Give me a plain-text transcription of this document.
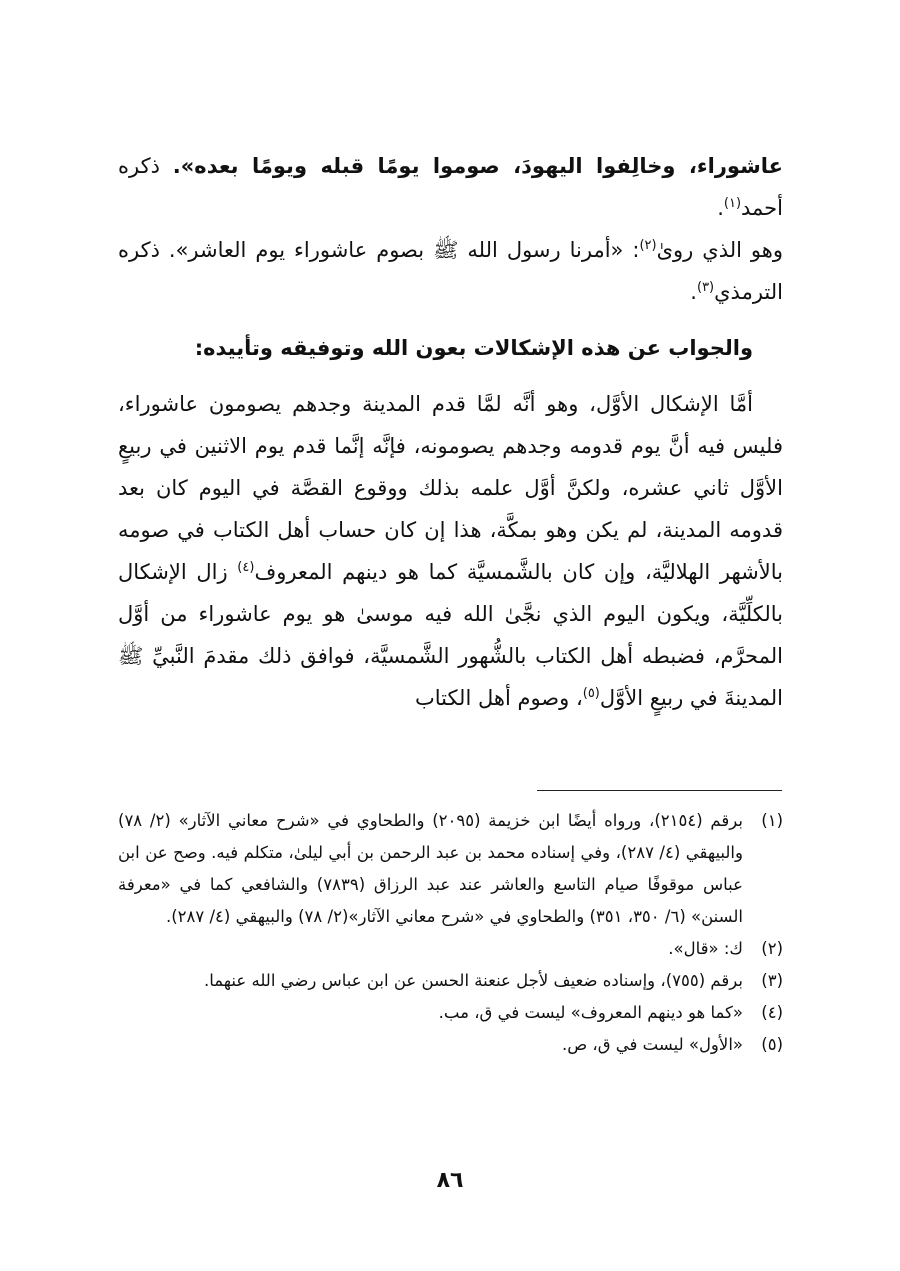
عاشوراء، وخالِفوا اليهودَ، صوموا يومًا قبله ويومًا بعده». ذكره أحمد$^{(١)}$.
وهو الذي روىٰ$^{(٢)}$: «أمرنا رسول الله ﷺ بصوم عاشوراء يوم العاشر». ذكره الترمذي$^{(٣)}$.

والجواب عن هذه الإشكالات بعون الله وتوفيقه وتأييده:

أمَّا الإشكال الأوَّل، وهو أنَّه لمَّا قدم المدينة وجدهم يصومون عاشوراء، فليس فيه أنَّ يوم قدومه وجدهم يصومونه، فإنَّه إنَّما قدم يوم الاثنين في ربيعٍ الأوَّل ثاني عشره، ولكنَّ أوَّل علمه بذلك ووقوع القصَّة في اليوم كان بعد قدومه المدينة، لم يكن وهو بمكَّة، هذا إن كان حساب أهل الكتاب في صومه بالأشهر الهلاليَّة، وإن كان بالشَّمسيَّة كما هو دينهم المعروف$^{(٤)}$ زال الإشكال بالكلِّيَّة، ويكون اليوم الذي نجَّىٰ الله فيه موسىٰ هو يوم عاشوراء من أوَّل المحرَّم، فضبطه أهل الكتاب بالشُّهور الشَّمسيَّة، فوافق ذلك مقدمَ النَّبيِّ ﷺ المدينةَ في ربيعٍ الأوَّل$^{(٥)}$، وصوم أهل الكتاب

(١)
برقم (٢١٥٤)، ورواه أيضًا ابن خزيمة (٢٠٩٥) والطحاوي في «شرح معاني الآثار» (٢/ ٧٨) والبيهقي (٤/ ٢٨٧)، وفي إسناده محمد بن عبد الرحمن بن أبي ليلىٰ، متكلم فيه. وصح عن ابن عباس موقوفًا صيام التاسع والعاشر عند عبد الرزاق (٧٨٣٩) والشافعي كما في «معرفة السنن» (٦/ ٣٥٠، ٣٥١) والطحاوي في «شرح معاني الآثار»(٢/ ٧٨) والبيهقي (٤/ ٢٨٧).
(٢)
ك: «قال».
(٣)
برقم (٧٥٥)، وإسناده ضعيف لأجل عنعنة الحسن عن ابن عباس رضي الله عنهما.
(٤)
«كما هو دينهم المعروف» ليست في ق، مب.
(٥)
«الأول» ليست في ق، ص.
٨٦
